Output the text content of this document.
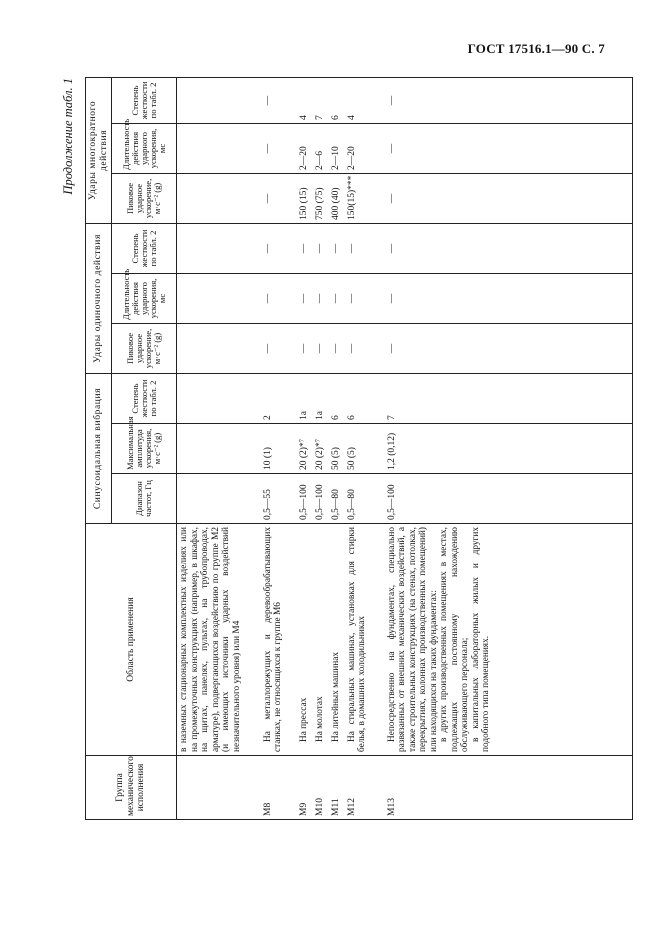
ГОСТ 17516.1—90 С. 7
Продолжение табл. 1
Группа механического исполнения	Область применения	Синусоидальная вибрация			Удары одиночного действия			Удары многократного действия		
		Диапазон частот, Гц	Максимальная амплитуда ускорения, м·с⁻² (g)	Степень жесткости по табл. 2	Пиковое ударное ускорение, м·с⁻² (g)	Длительность действия ударного ускорения, мс	Степень жесткости по табл. 2	Пиковое ударное ускорение, м·с⁻² (g)	Длительность действия ударного ускорения, мс	Степень жесткости по табл. 2

	в наземных стационарных комплектных изделиях или на промежуточных конструкциях (например, в шкафах, на щитах, панелях, пультах, на трубопроводах, арматуре), подвергающихся воздействию по группе М2 (и имеющих источники ударных воздействий незначительного уровня) или М4									

М8	На металлорежущих и деревообрабатывающих станках, не относящихся к группе М6	0,5—55	10 (1)	2	—	—	—	—	—	—
М9	На прессах	0,5—100	20 (2)*⁷	1а	—	—	—	150 (15)	2—20	4
М10	На молотах	0,5—100	20 (2)*⁷	1а	—	—	—	750 (75)	2—6	7
М11	На литейных машинах	0,5—80	50 (5)	6	—	—	—	400 (40)	2—10	6
М12	На стиральных машинах, установках для стирки белья, в домашних холодильниках	0,5—80	50 (5)	6	—	—	—	150(15)***	2—20	4
М13	Непосредственно на фундаментах, специально развязанных от внешних механических воздействий, а также строительных конструкциях (на стенах, потолках, перекрытиях, колоннах производственных помещений) или находящихся на таких фундаментах: в других производственных помещениях в местах, подлежащих постоянному нахождению обслуживающего персонала; в капитальных лабораторных жилых и других подобного типа помещениях.	0,5—100	1,2 (0,12)	7	—	—	—	—	—	—
